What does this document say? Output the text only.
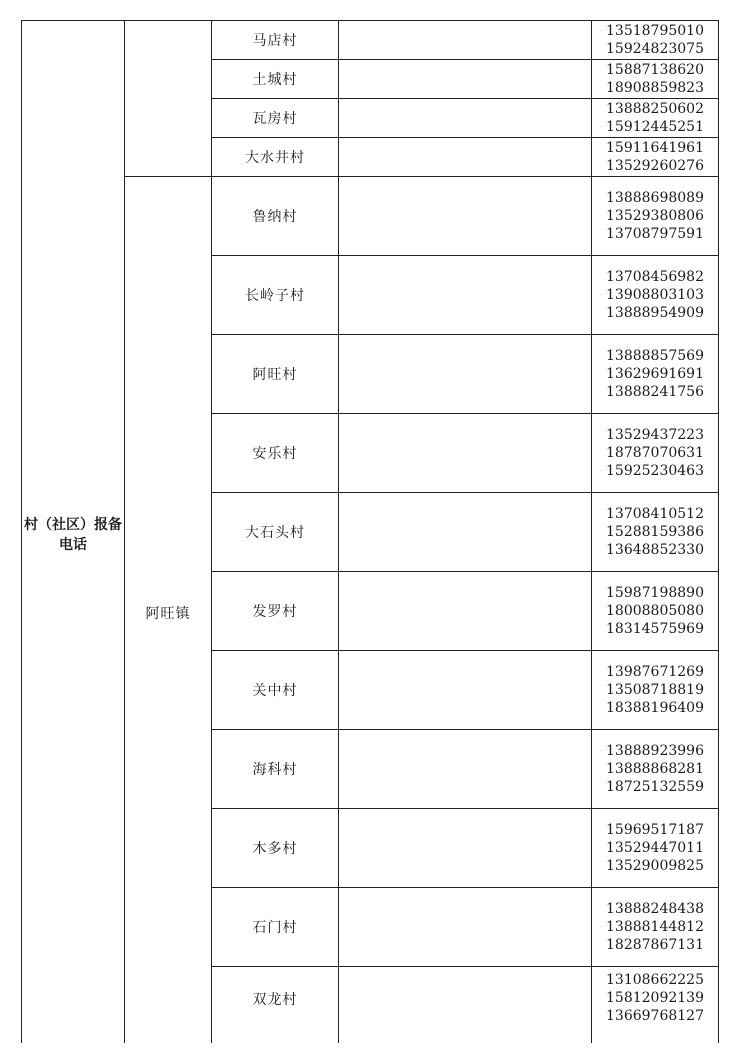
村（社区）报备电话		马店村		13518795010
15924823075

		土城村		15887138620
18908859823

		瓦房村		13888250602
15912445251

		大水井村		15911641961
13529260276

	阿旺镇	鲁纳村		13888698089
13529380806
13708797591

		长岭子村		13708456982
13908803103
13888954909

		阿旺村		13888857569
13629691691
13888241756

		安乐村		13529437223
18787070631
15925230463

		大石头村		13708410512
15288159386
13648852330

		发罗村		15987198890
18008805080
18314575969

		关中村		13987671269
13508718819
18388196409

		海科村		13888923996
13888868281
18725132559

		木多村		15969517187
13529447011
13529009825

		石门村		13888248438
13888144812
18287867131

		双龙村		13108662225
15812092139
13669768127
